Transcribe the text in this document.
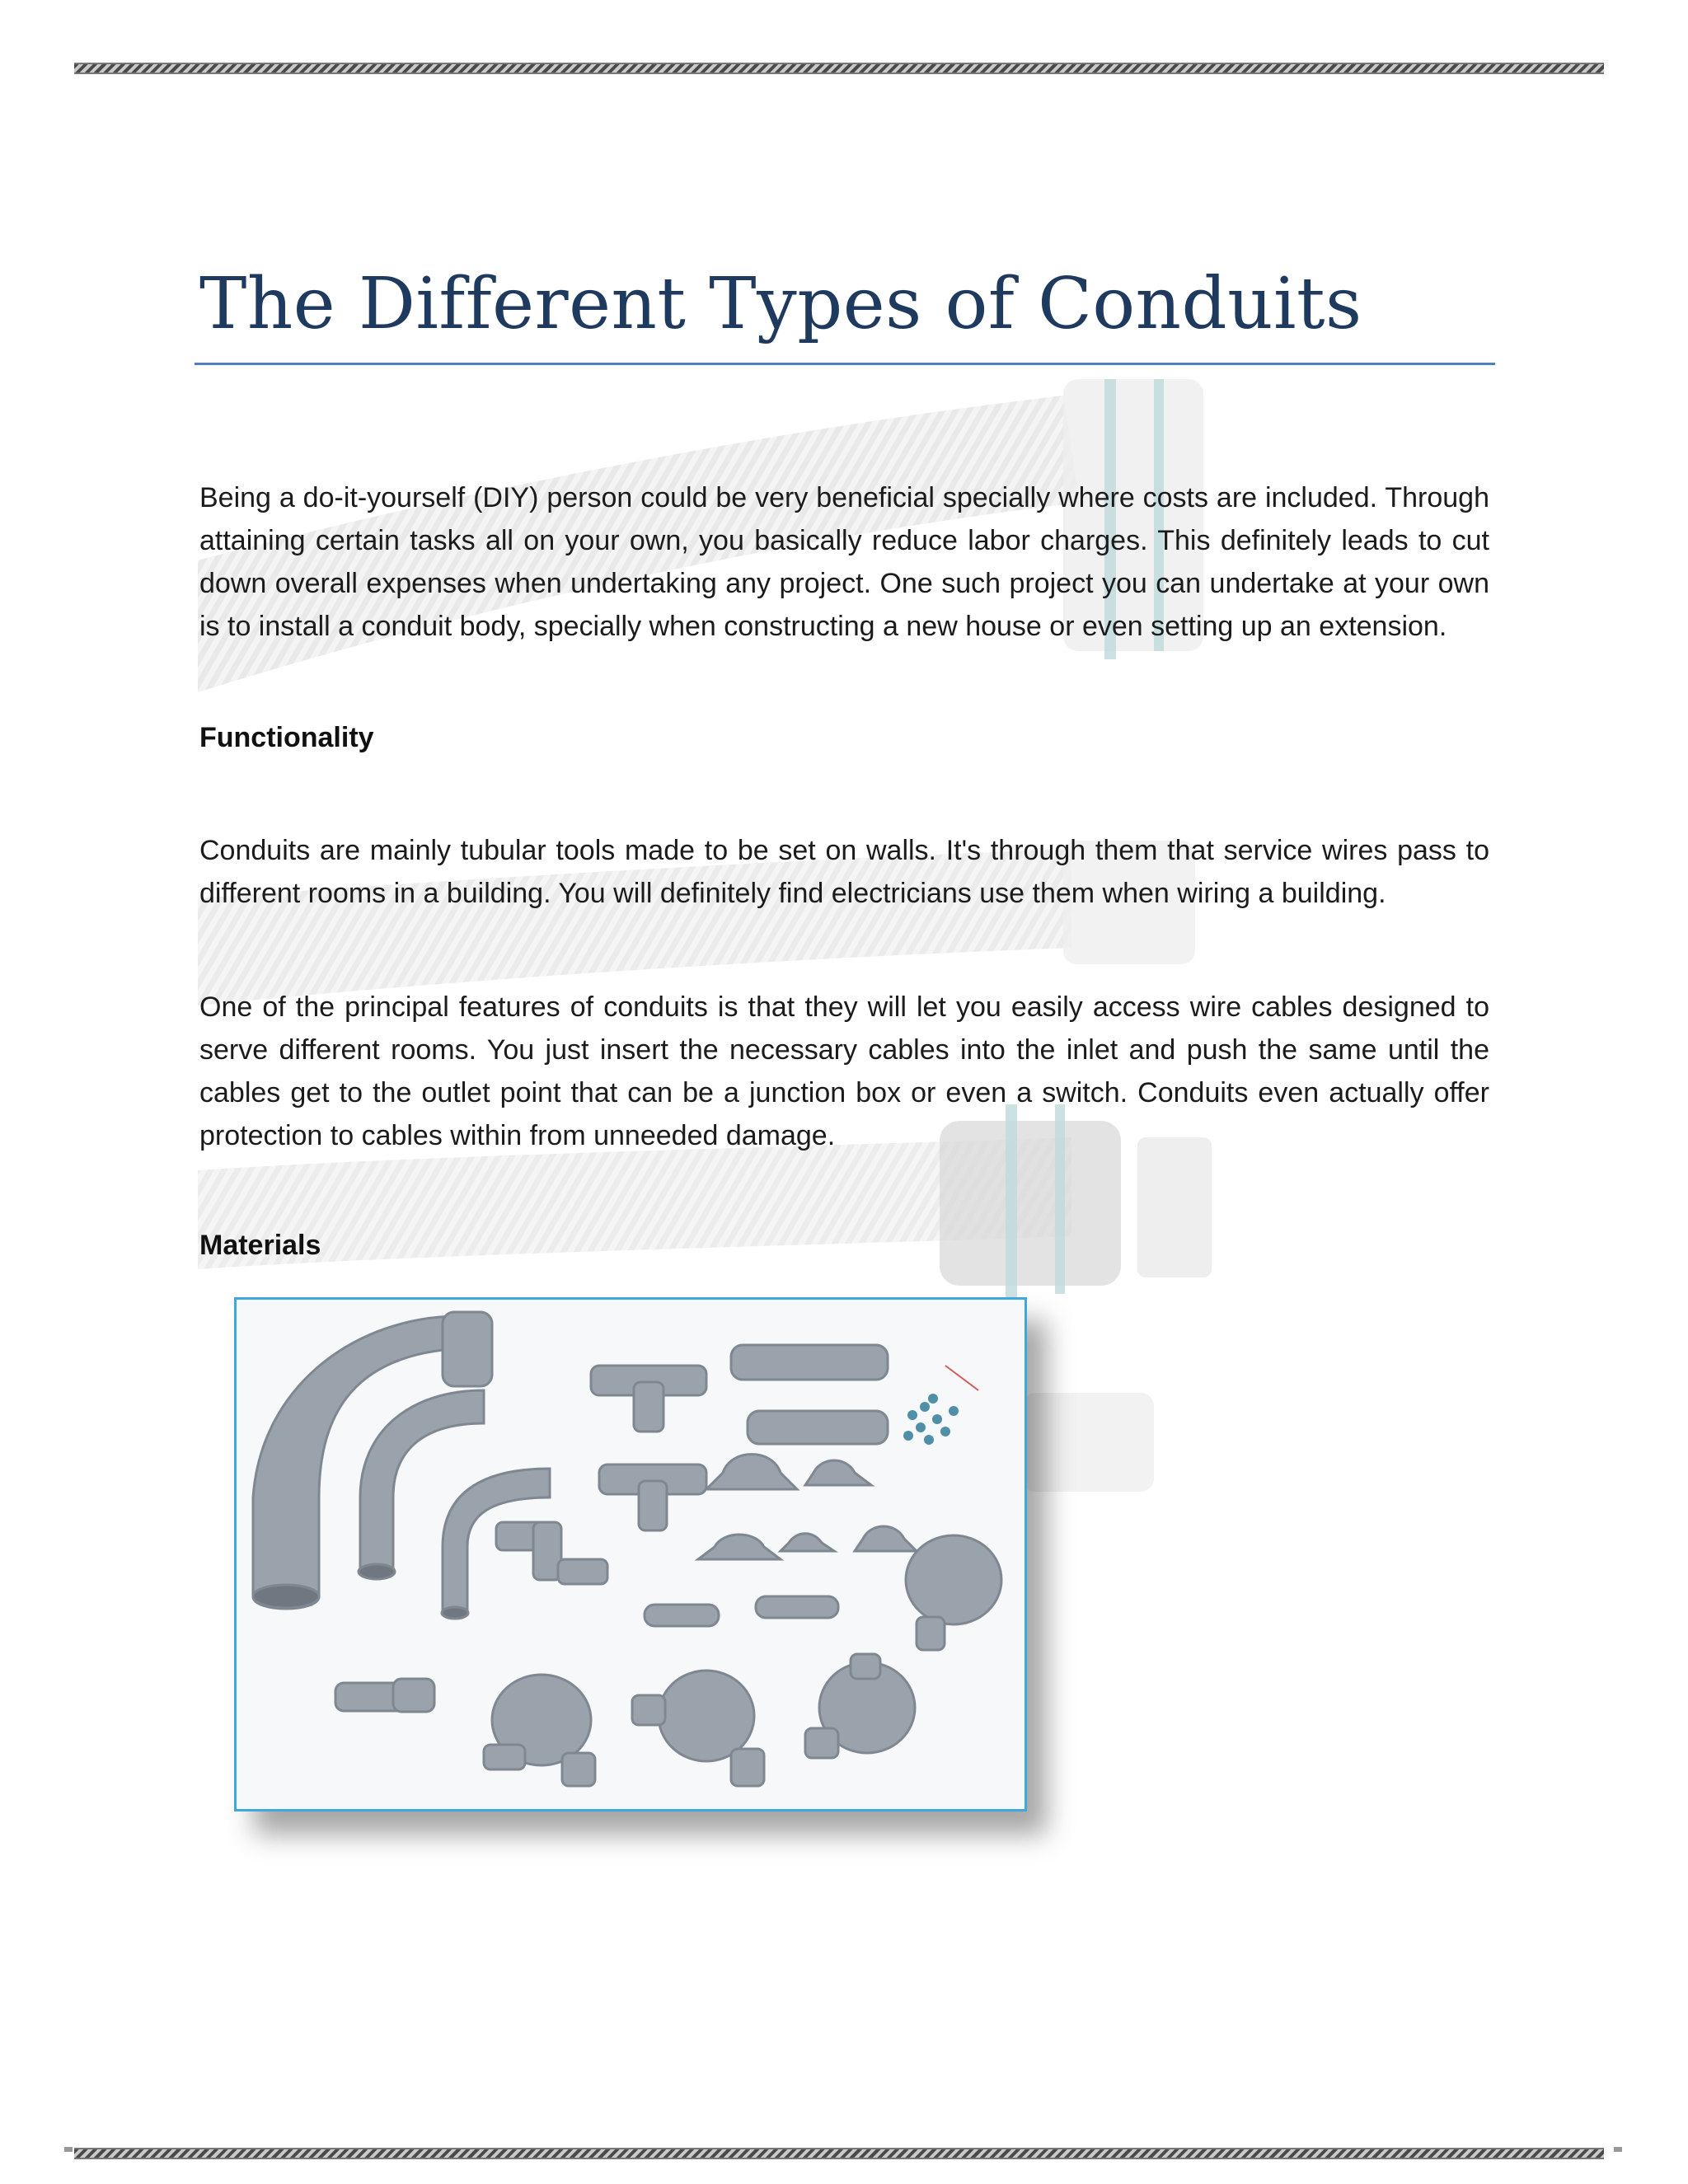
The Different Types of Conduits

Being a do-it-yourself (DIY) person could be very beneficial specially where costs are included. Through attaining certain tasks all on your own, you basically reduce labor charges. This definitely leads to cut down overall expenses when undertaking any project. One such project you can undertake at your own is to install a conduit body, specially when constructing a new house or even setting up an extension.

Functionality

Conduits are mainly tubular tools made to be set on walls. It's through them that service wires pass to different rooms in a building. You will definitely find electricians use them when wiring a building.

One of the principal features of conduits is that they will let you easily access wire cables designed to serve different rooms. You just insert the necessary cables into the inlet and push the same until the cables get to the outlet point that can be a junction box or even a switch. Conduits even actually offer protection to cables within from unneeded damage.

Materials
